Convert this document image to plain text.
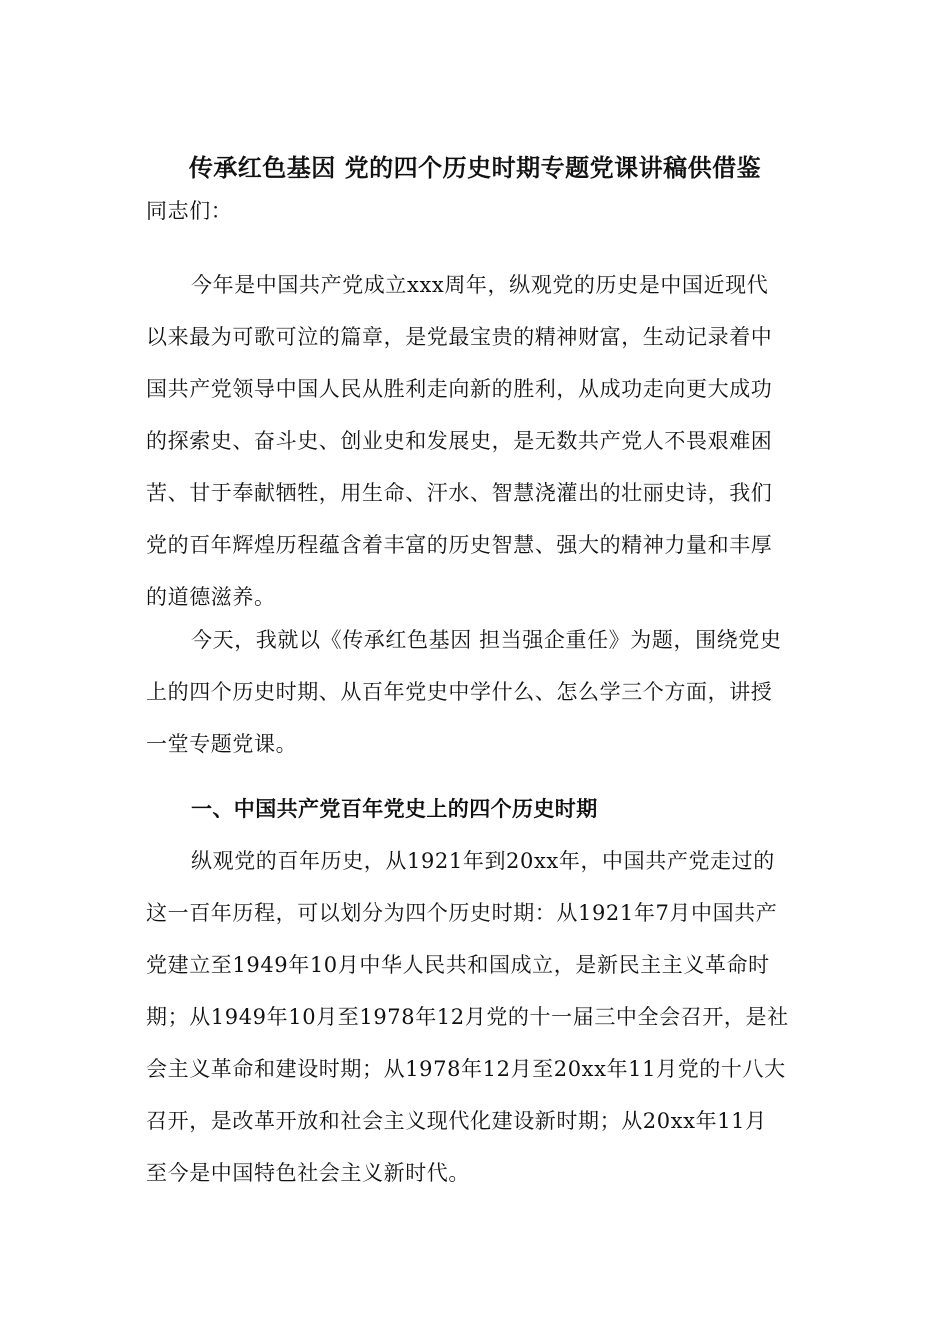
传承红色基因 党的四个历史时期专题党课讲稿供借鉴
同志们：
今年是中国共产党成立xxx周年，纵观党的历史是中国近现代
以来最为可歌可泣的篇章，是党最宝贵的精神财富，生动记录着中
国共产党领导中国人民从胜利走向新的胜利，从成功走向更大成功
的探索史、奋斗史、创业史和发展史，是无数共产党人不畏艰难困
苦、甘于奉献牺牲，用生命、汗水、智慧浇灌出的壮丽史诗，我们
党的百年辉煌历程蕴含着丰富的历史智慧、强大的精神力量和丰厚
的道德滋养。
今天，我就以《传承红色基因 担当强企重任》为题，围绕党史
上的四个历史时期、从百年党史中学什么、怎么学三个方面，讲授
一堂专题党课。
一、中国共产党百年党史上的四个历史时期
纵观党的百年历史，从1921年到20xx年，中国共产党走过的
这一百年历程，可以划分为四个历史时期：从1921年7月中国共产
党建立至1949年10月中华人民共和国成立，是新民主主义革命时
期；从1949年10月至1978年12月党的十一届三中全会召开，是社
会主义革命和建设时期；从1978年12月至20xx年11月党的十八大
召开，是改革开放和社会主义现代化建设新时期；从20xx年11月
至今是中国特色社会主义新时代。
